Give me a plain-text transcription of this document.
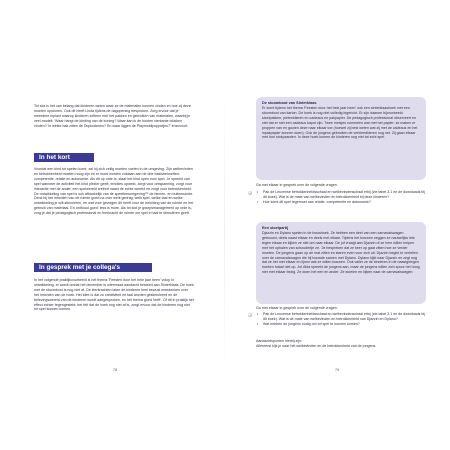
Tot slot is het van belang dat kinderen weten waar ze de materialen kunnen vinden en hoe zij deze moeten opruimen. Ook dit heeft Linda tijdens de dagopening besproken. Zorg ervoor dat je meerdere inplant waarop kinderen zelfeen met het pakken en gebruiken van materialen, waarbij je veel modelt: 'Waar hangt de kleding van de koning? Waar kan ik de houten vierkante blokken vinden?' In welke bak zitten de Duplostenen? En waar liggen de Playmobilpoppetjes?' enzovoort.

In het kort

Voordat een kind tot spelen komt, zal hij zich veilig moeten voelen in de omgeving. Zijn welbevinden en betrokkenheid moeten hoog zijn en er moet worden voldaan aan de drie basisbehoeften: competentie, relatie en autonomie. Als dit op orde is, staat het kind open voor spel. Je spreekt van spel wanneer de activiteit het kind plezier geeft, emoties opwekt, zorgt voor ontspanning, zorgt voor interactie met de ander, een spelwereld creëert naast de echte wereld en zorgt voor betrokkenheid. De ontwikkeling van spel is ook afhankelijk van de speelleeromgeving™ de binnen- en buitenruimte. Denk bij het inrichten van de ruimte goed na over welk gedrag, welk spel, welke taal en welke ontwikkeling je wilt stimuleren, en wat voor gevolgen dit heeft voor de inrichting van de ruimte en het gebruik van materiaal. En onthoud goed: less is more. Als tot slot je groepsmanagement op orde is, zorg je dat je pedagogisch professional en leerkracht de ruimte om spel in taal te stimuleren geeft.

In gesprek met je collega's

In het volgende praktijkvoorbeeld is het thema 'Feesten door het hele jaar heen' volop in ontwikkeling, er wordt omdat het december is uitermaad aandacht besteed aan Sinterklaas. De hoek met de stoomboot is nog niet af. De leerkrachten laten de kinderen heel bewust meedenken over het inrichten van de hoek. Het idee is dat zo creativiteit en taal worden gestimuleerd en de belevingswereld van de kinderen wordt aangesproken, en het thema goed 'leeft'. Of dit in praktijk het effect echter tegengesteld: het feit dat de hoek nog niet af is, zorgt ervoor dat de kinderen nog niet tot spel kunnen komen.

78

De stoomboot van Sinterklaas

Er komt tijdens het thema 'Feesten door het hele jaar heen' ook een sinterklaashoek met een stoomboot van karton. De hoek is nog niet volledig ingericht. Er zijn daarom bijvoorbeeld stoelpakken, pietenklieren en cadeaus en pakpapier. De pedagogisch professional observeert en ziet dat er niet een cadeaus kapot zijn. Twee meisjes rommelen wat met het papier: ze maken er proppen van en gooien deze naar elkaar toe (hoewel zij best weten wat zij met de cadeaus en het inpakpapier kunnen doen). Ook de jongens gebruiken de verkleedkleren nog net. Zij gaan elkaar met hun stokpaarden. In deze hoek komen de kinderen nog niet tot echt spel.

Ga met elkaar in gesprek over de volgende vragen.

• Pak de Leuvense betrokkenheidsschaal en welbevindenschaal erbij (zie tabel 3.1 en de downloads bij dit boek). Wat is de mate van welbevinden en betrokkenheid bij deze kinderen?
• Hoe komt dit spel tegemoet aan relatie, competentie en autonomie?

Een stoelpartij

Djazzin en Dylano spelen in de bouwhoek. Ze hebben een deel van een carnavalswagen gebouwd, deels naast elkaar en deels met elkaar. Tijdens het bouwen zeggen ze nauwelijks iets tegen elkaar en kijken ze niet om naar elkaar. De juf vraagt aan Djazzin of ze hem willen helpen met het ophalen van schoudertje ze. 'Je bespreken dat ze keer op gaat zitten hoe ze verder moeten. De jongens gaan op de mat zitten en staren even voor zich uit. Djazzin begint te vertellen over de carnavalswagen die hij bouwde samen met Dylano. Dylano kijkt naar Djazzin en zegt nog dat ze het met elkaar en lijnen wat ze willen bouwen. Ook valler ze de kinderen in de naastgelegen hoeken totaal niet op. Juf Alda spreekt de jongens aan, maar de jongens willen zich spoor het hoog niet met elkaar bezig. Ze doen het een en ander. Ze stoeien en kijken naar de carnavalswagen.

Ga met elkaar in gesprek over de volgende vragen.

• Pak de Leuvense betrokkenheidsschaal en welbevindenschaal erbij (zie tabel 3.1 en de downloads bij dit boek). Wat is de mate van welbevinden en betrokkenheid van Djazzin en Dylano?
• Wat hebben de jongens nodig om tot spel te kunnen komen?

Aandachtspunten hierbij zijn:

Allereerst kijk je naar het welbevinden en de betrokkenheid van de jongens.

79
